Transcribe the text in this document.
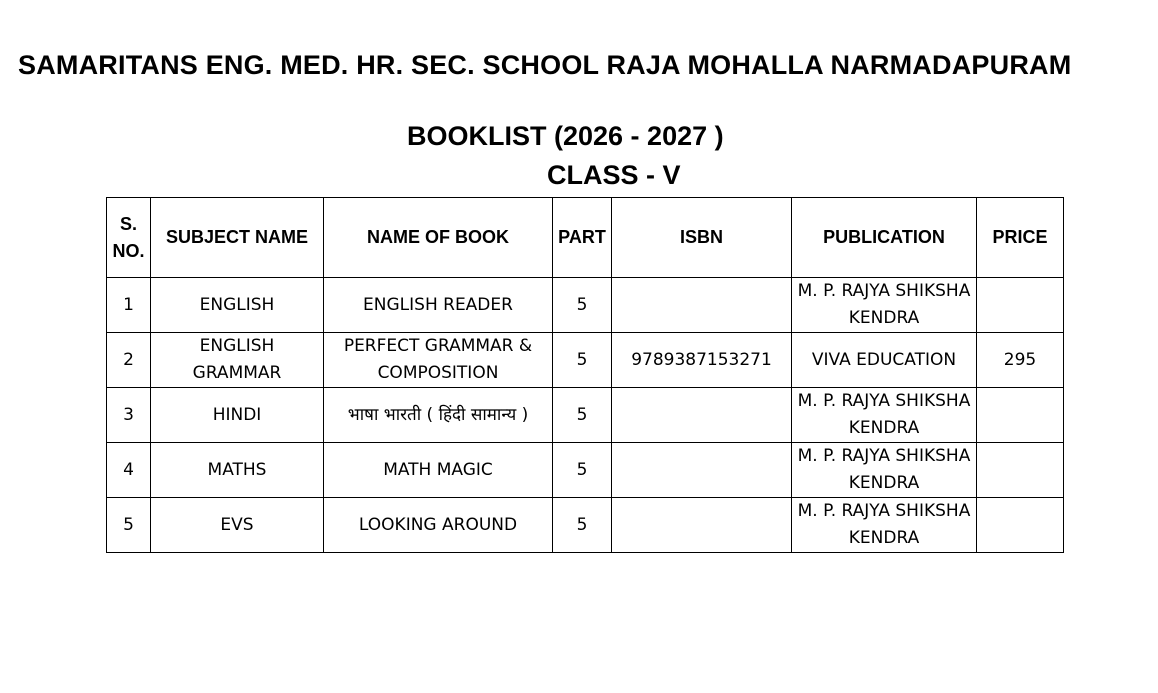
SAMARITANS ENG. MED. HR. SEC. SCHOOL RAJA MOHALLA NARMADAPURAM
BOOKLIST (2026 - 2027 )
CLASS - V
S. NO.	SUBJECT NAME	NAME OF BOOK	PART	ISBN	PUBLICATION	PRICE
1	ENGLISH	ENGLISH READER	5		M. P. RAJYA SHIKSHA KENDRA	
2	ENGLISH GRAMMAR	PERFECT GRAMMAR & COMPOSITION	5	9789387153271	VIVA EDUCATION	295
3	HINDI	भाषा भारती ( हिंदी सामान्य )	5		M. P. RAJYA SHIKSHA KENDRA	
4	MATHS	MATH MAGIC	5		M. P. RAJYA SHIKSHA KENDRA	
5	EVS	LOOKING AROUND	5		M. P. RAJYA SHIKSHA KENDRA	
